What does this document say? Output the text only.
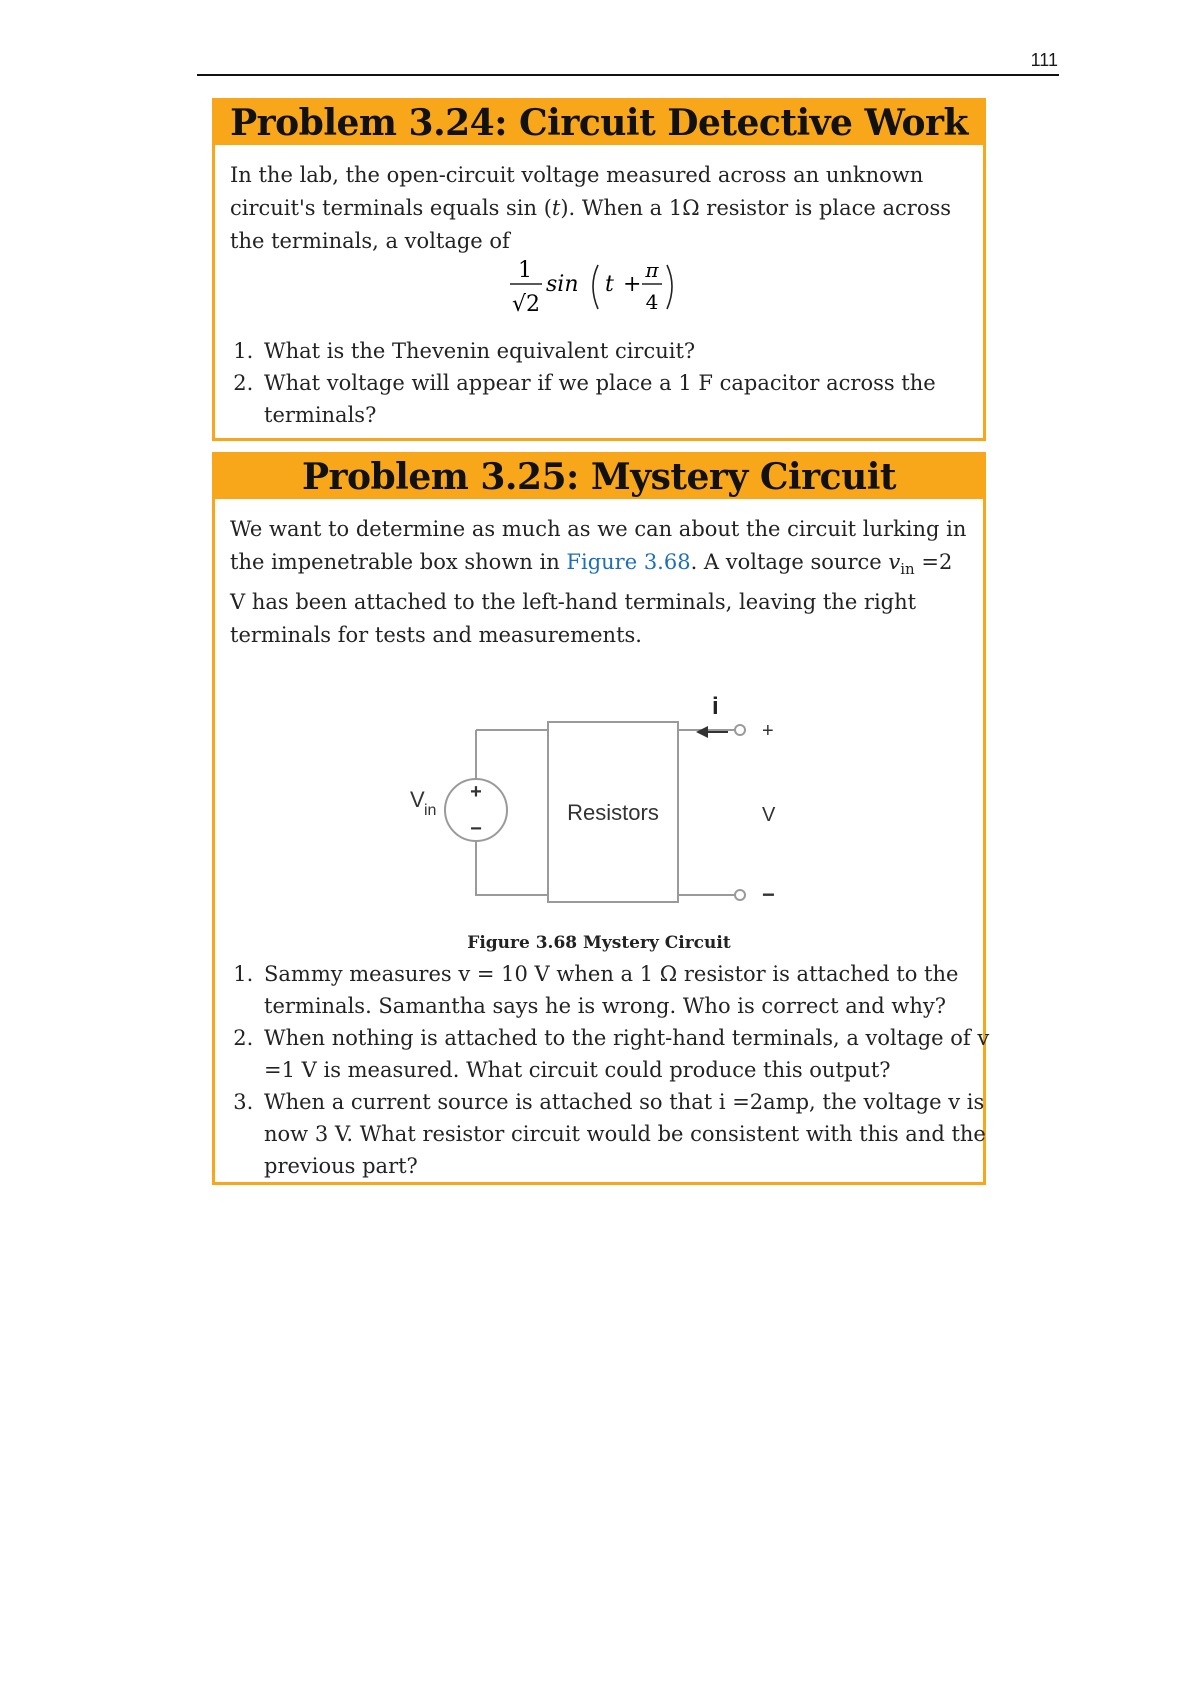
111
Problem 3.24: Circuit Detective Work

In the lab, the open-circuit voltage measured across an unknown circuit's terminals equals sin (t). When a 1Ω resistor is place across the terminals, a voltage of

1
√2
sin t +
π
4
1. What is the Thevenin equivalent circuit?
2. What voltage will appear if we place a 1 F capacitor across the terminals?
Problem 3.25: Mystery Circuit

We want to determine as much as we can about the circuit lurking in the impenetrable box shown in Figure 3.68. A voltage source $v_{in} =2$ V has been attached to the left-hand terminals, leaving the right terminals for tests and measurements.

i
Resistors
V in
+
−
+
V
−
Figure 3.68 Mystery Circuit
1. Sammy measures v = 10 V when a 1 Ω resistor is attached to the terminals. Samantha says he is wrong. Who is correct and why?
2. When nothing is attached to the right-hand terminals, a voltage of v =1 V is measured. What circuit could produce this output?
3. When a current source is attached so that i =2amp, the voltage v is now 3 V. What resistor circuit would be consistent with this and the previous part?
